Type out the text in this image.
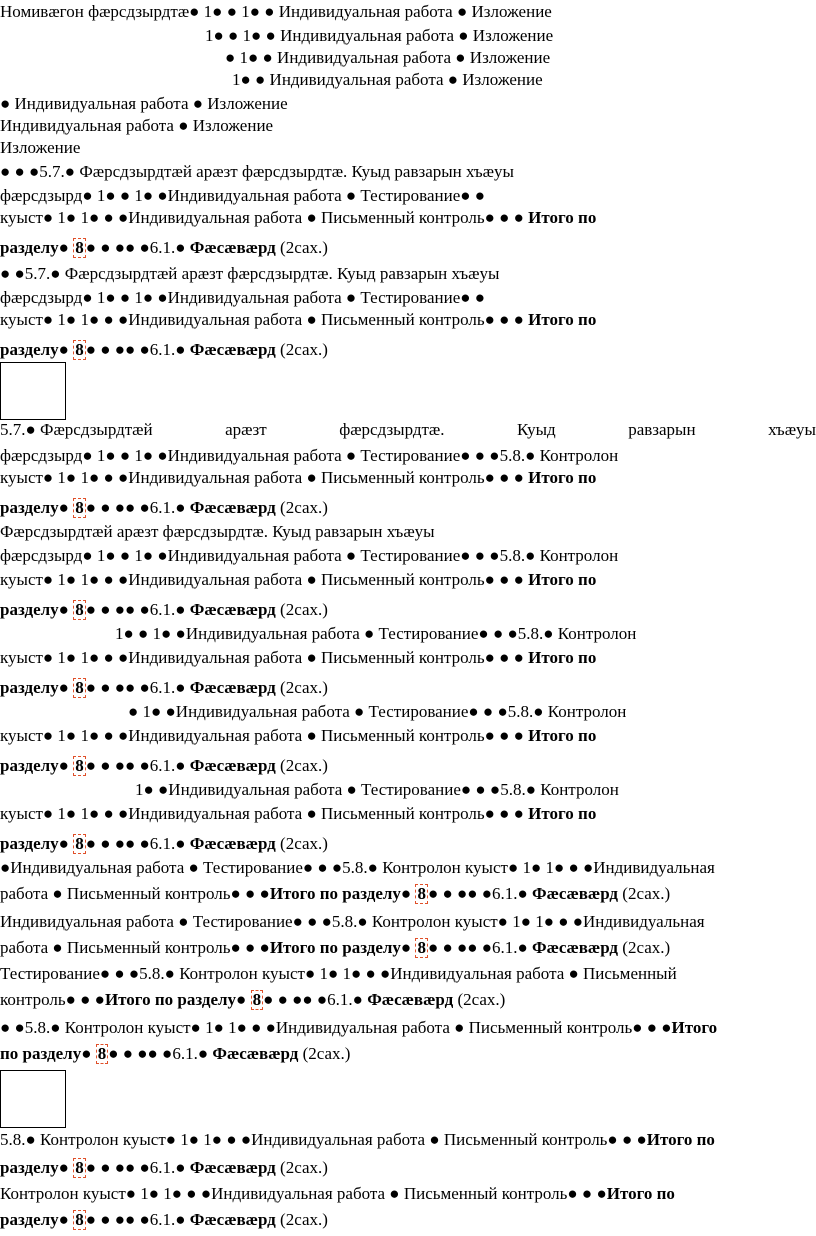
Номивæгон фæрсдзырдтæ● 1● ● 1● ● Индивидуальная работа ● Изложение
1● ● 1● ● Индивидуальная работа ● Изложение
● 1● ● Индивидуальная работа ● Изложение
1● ● Индивидуальная работа ● Изложение
● Индивидуальная работа ● Изложение
Индивидуальная работа ● Изложение
Изложение
● ● ●5.7.● Фæрсдзырдтæй арæзт фæрсдзырдтæ. Куыд равзарын хъæуы
фæрсдзырд● 1● ● 1● ●Индивидуальная работа ● Тестирование● ●
куыст● 1● 1● ● ●Индивидуальная работа ● Письменный контроль● ● ● Итого по
разделу● 8 ● ● ●● ●6.1.● Фæсæвæрд (2сах.)
● ●5.7.● Фæрсдзырдтæй арæзт фæрсдзырдтæ. Куыд равзарын хъæуы
фæрсдзырд● 1● ● 1● ●Индивидуальная работа ● Тестирование● ●
куыст● 1● 1● ● ●Индивидуальная работа ● Письменный контроль● ● ● Итого по
разделу● 8 ● ● ●● ●6.1.● Фæсæвæрд (2сах.)
5.7.● Фæрсдзырдтæй	арæзт	фæрсдзырдтæ.	Куыд	равзарын	хъæуы
фæрсдзырд● 1● ● 1● ●Индивидуальная работа ● Тестирование● ● ●5.8.● Контролон
куыст● 1● 1● ● ●Индивидуальная работа ● Письменный контроль● ● ● Итого по
разделу● 8 ● ● ●● ●6.1.● Фæсæвæрд (2сах.)
Фæрсдзырдтæй арæзт фæрсдзырдтæ. Куыд равзарын хъæуы
фæрсдзырд● 1● ● 1● ●Индивидуальная работа ● Тестирование● ● ●5.8.● Контролон
куыст● 1● 1● ● ●Индивидуальная работа ● Письменный контроль● ● ● Итого по
разделу● 8 ● ● ●● ●6.1.● Фæсæвæрд (2сах.)
1● ● 1● ●Индивидуальная работа ● Тестирование● ● ●5.8.● Контролон
куыст● 1● 1● ● ●Индивидуальная работа ● Письменный контроль● ● ● Итого по
разделу● 8 ● ● ●● ●6.1.● Фæсæвæрд (2сах.)
● 1● ●Индивидуальная работа ● Тестирование● ● ●5.8.● Контролон
куыст● 1● 1● ● ●Индивидуальная работа ● Письменный контроль● ● ● Итого по
разделу● 8 ● ● ●● ●6.1.● Фæсæвæрд (2сах.)
1● ●Индивидуальная работа ● Тестирование● ● ●5.8.● Контролон
куыст● 1● 1● ● ●Индивидуальная работа ● Письменный контроль● ● ● Итого по
разделу● 8 ● ● ●● ●6.1.● Фæсæвæрд (2сах.)
●Индивидуальная работа ● Тестирование● ● ●5.8.● Контролон куыст● 1● 1● ● ●Индивидуальная
работа ● Письменный контроль● ● ●Итого по разделу● 8 ● ● ●● ●6.1.● Фæсæвæрд (2сах.)
Индивидуальная работа ● Тестирование● ● ●5.8.● Контролон куыст● 1● 1● ● ●Индивидуальная
работа ● Письменный контроль● ● ●Итого по разделу● 8 ● ● ●● ●6.1.● Фæсæвæрд (2сах.)
Тестирование● ● ●5.8.● Контролон куыст● 1● 1● ● ●Индивидуальная работа ● Письменный
контроль● ● ●Итого по разделу● 8 ● ● ●● ●6.1.● Фæсæвæрд (2сах.)
● ●5.8.● Контролон куыст● 1● 1● ● ●Индивидуальная работа ● Письменный контроль● ● ●Итого
по разделу● 8 ● ● ●● ●6.1.● Фæсæвæрд (2сах.)
5.8.● Контролон куыст● 1● 1● ● ●Индивидуальная работа ● Письменный контроль● ● ●Итого по
разделу● 8 ● ● ●● ●6.1.● Фæсæвæрд (2сах.)
Контролон куыст● 1● 1● ● ●Индивидуальная работа ● Письменный контроль● ● ●Итого по
разделу● 8 ● ● ●● ●6.1.● Фæсæвæрд (2сах.)
